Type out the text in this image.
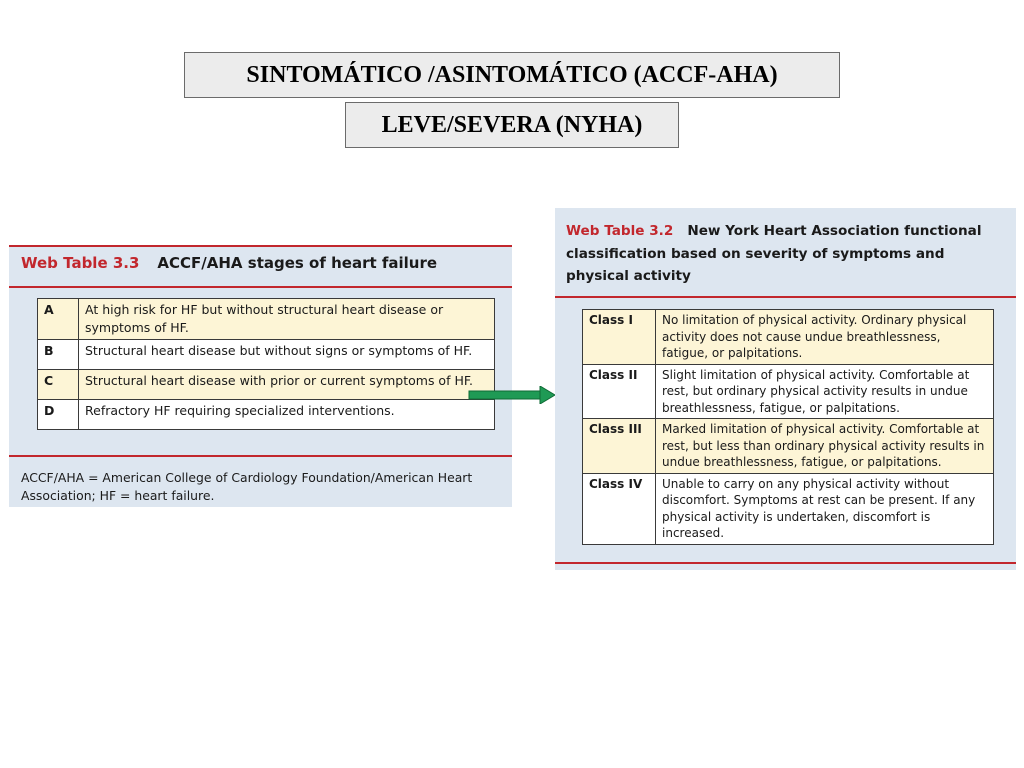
SINTOMÁTICO /ASINTOMÁTICO (ACCF-AHA)
LEVE/SEVERA (NYHA)
Web Table 3.3 ACCF/AHA stages of heart failure
A	At high risk for HF but without structural heart disease or symptoms of HF.
B	Structural heart disease but without signs or symptoms of HF.
C	Structural heart disease with prior or current symptoms of HF.
D	Refractory HF requiring specialized interventions.
ACCF/AHA = American College of Cardiology Foundation/American Heart Association; HF = heart failure.
Web Table 3.2 New York Heart Association functional classification based on severity of symptoms and physical activity
Class I	No limitation of physical activity. Ordinary physical activity does not cause undue breathlessness, fatigue, or palpitations.
Class II	Slight limitation of physical activity. Comfortable at rest, but ordinary physical activity results in undue breathlessness, fatigue, or palpitations.
Class III	Marked limitation of physical activity. Comfortable at rest, but less than ordinary physical activity results in undue breathlessness, fatigue, or palpitations.
Class IV	Unable to carry on any physical activity without discomfort. Symptoms at rest can be present. If any physical activity is undertaken, discomfort is increased.
